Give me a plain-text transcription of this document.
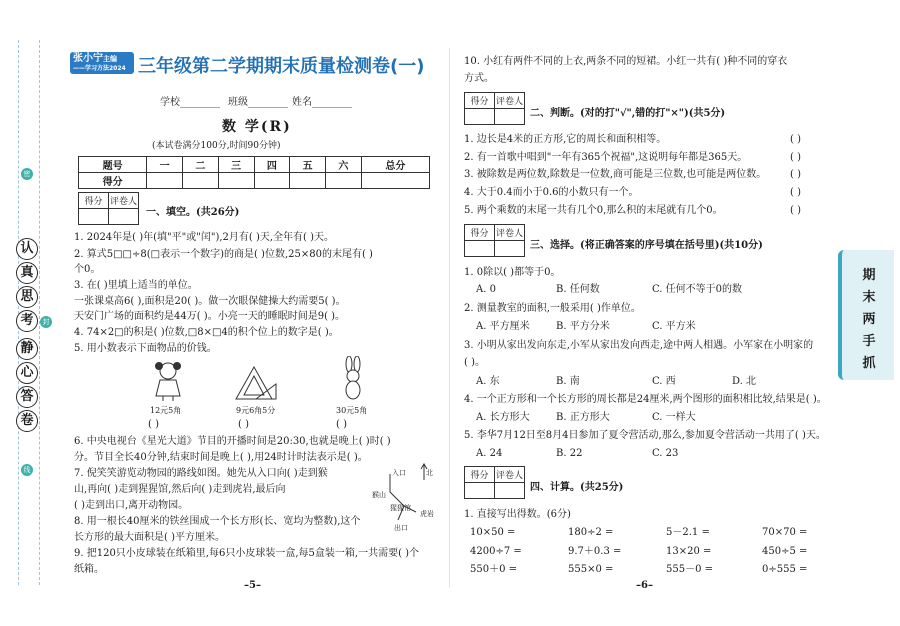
密
认
真
思
考	封
静
心
答
卷
线
张小宁主编
——学习方法2024——
三年级第二学期期末质量检测卷(一)
学校________ 班级________ 姓名________
数 学(R)
(本试卷满分100分,时间90分钟)
题号	一	二	三	四	五	六	总分
得分							
得分	评卷人

一、填空。(共26分)
1. 2024年是( )年(填"平"或"闰"),2月有( )天,全年有( )天。
2. 算式5□□÷8(□表示一个数字)的商是( )位数,25×80的末尾有( )
个0。
3. 在( )里填上适当的单位。
一张课桌高6( ),面积是20( )。做一次眼保健操大约需要5( )。
天安门广场的面积约是44万( )。小亮一天的睡眠时间是9( )。
4. 74×2□的积是( )位数,□8×□4的积个位上的数字是( )。
5. 用小数表示下面物品的价钱。
12元5角	9元6角5分	30元5角
( )	( )	( )
6. 中央电视台《星光大道》节目的开播时间是20:30,也就是晚上( )时( )
分。节目全长40分钟,结束时间是晚上( ),用24时计时法表示是( )。
7. 倪笑笑游览动物园的路线如图。她先从入口向( )走到猴
山,再向( )走到猩猩馆,然后向( )走到虎岩,最后向
( )走到出口,离开动物园。
8. 用一根长40厘米的铁丝围成一个长方形(长、宽均为整数),这个
长方形的最大面积是( )平方厘米。
9. 把120只小皮球装在纸箱里,每6只小皮球装一盒,每5盒装一箱,一共需要( )个
纸箱。
北
入口
猴山
猩猩馆
虎岩
出口
–5–
10. 小红有两件不同的上衣,两条不同的短裙。小红一共有( )种不同的穿衣
方式。
得分	评卷人

二、判断。(对的打"√",错的打"×")(共5分)
1. 边长是4米的正方形,它的周长和面积相等。
2. 有一首歌中唱到"一年有365个祝福",这说明每年都是365天。
3. 被除数是两位数,除数是一位数,商可能是三位数,也可能是两位数。
4. 大于0.4而小于0.6的小数只有一个。
5. 两个乘数的末尾一共有几个0,那么积的末尾就有几个0。
( )
( )
( )
( )
( )
得分	评卷人

三、选择。(将正确答案的序号填在括号里)(共10分)
1. 0除以( )都等于0。
A. 0	B. 任何数	C. 任何不等于0的数
2. 测量教室的面积,一般采用( )作单位。
A. 平方厘米	B. 平方分米	C. 平方米
3. 小明从家出发向东走,小军从家出发向西走,途中两人相遇。小军家在小明家的
( )。
A. 东	B. 南	C. 西	D. 北
4. 一个正方形和一个长方形的周长都是24厘米,两个图形的面积相比较,结果是( )。
A. 长方形大	B. 正方形大	C. 一样大
5. 李华7月12日至8月4日参加了夏令营活动,那么,参加夏令营活动一共用了( )天。
A. 24	B. 22	C. 23
得分	评卷人

四、计算。(共25分)
1. 直接写出得数。(6分)
10×50 =	180÷2 =	5－2.1 =	70×70 =
4200÷7 =	9.7＋0.3 =	13×20 =	450÷5 =
550＋0 =	555×0 =	555－0 =	0÷555 =
–6–
期
末
两
手
抓
